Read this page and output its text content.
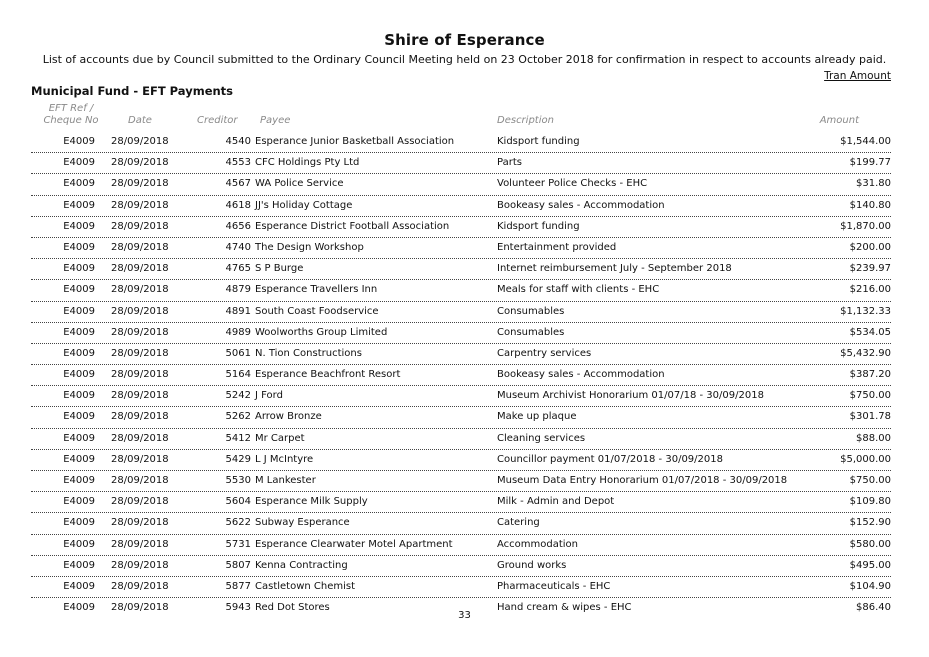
Shire of Esperance
List of accounts due by Council submitted to the Ordinary Council Meeting held on 23 October 2018 for confirmation in respect to accounts already paid.
Tran Amount
Municipal Fund - EFT Payments
EFT Ref /
Cheque No	Date	Creditor Payee	Description	Amount
E4009 28/09/2018	4540 Esperance Junior Basketball Association	Kidsport funding	$1,544.00
E4009 28/09/2018	4553 CFC Holdings Pty Ltd	Parts	$199.77
E4009 28/09/2018	4567 WA Police Service	Volunteer Police Checks - EHC	$31.80
E4009 28/09/2018	4618 JJ's Holiday Cottage	Bookeasy sales - Accommodation	$140.80
E4009 28/09/2018	4656 Esperance District Football Association	Kidsport funding	$1,870.00
E4009 28/09/2018	4740 The Design Workshop	Entertainment provided	$200.00
E4009 28/09/2018	4765 S P Burge	Internet reimbursement July - September 2018	$239.97
E4009 28/09/2018	4879 Esperance Travellers Inn	Meals for staff with clients - EHC	$216.00
E4009 28/09/2018	4891 South Coast Foodservice	Consumables	$1,132.33
E4009 28/09/2018	4989 Woolworths Group Limited	Consumables	$534.05
E4009 28/09/2018	5061 N. Tion Constructions	Carpentry services	$5,432.90
E4009 28/09/2018	5164 Esperance Beachfront Resort	Bookeasy sales - Accommodation	$387.20
E4009 28/09/2018	5242 J Ford	Museum Archivist Honorarium 01/07/18 - 30/09/2018	$750.00
E4009 28/09/2018	5262 Arrow Bronze	Make up plaque	$301.78
E4009 28/09/2018	5412 Mr Carpet	Cleaning services	$88.00
E4009 28/09/2018	5429 L J McIntyre	Councillor payment 01/07/2018 - 30/09/2018	$5,000.00
E4009 28/09/2018	5530 M Lankester	Museum Data Entry Honorarium 01/07/2018 - 30/09/2018	$750.00
E4009 28/09/2018	5604 Esperance Milk Supply	Milk - Admin and Depot	$109.80
E4009 28/09/2018	5622 Subway Esperance	Catering	$152.90
E4009 28/09/2018	5731 Esperance Clearwater Motel Apartment	Accommodation	$580.00
E4009 28/09/2018	5807 Kenna Contracting	Ground works	$495.00
E4009 28/09/2018	5877 Castletown Chemist	Pharmaceuticals - EHC	$104.90
E4009 28/09/2018	5943 Red Dot Stores	Hand cream & wipes - EHC	$86.40
33
